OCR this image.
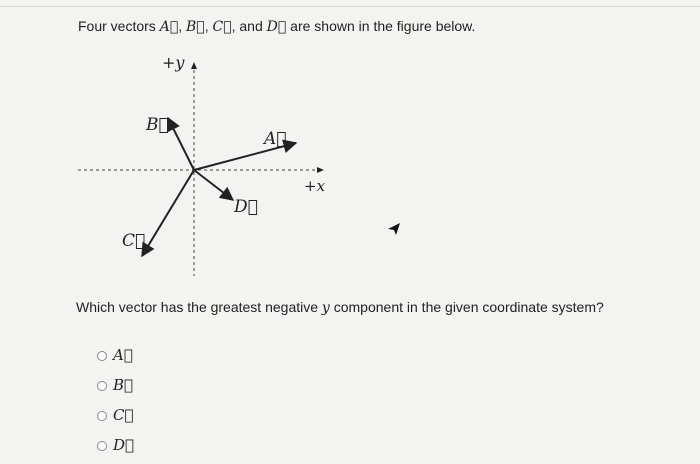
Four vectors A⃗, B⃗, C⃗, and D⃗ are shown in the figure below.
+y
+x
A⃗
B⃗
C⃗
D⃗
Which vector has the greatest negative y component in the given coordinate system?
A⃗
B⃗
C⃗
D⃗
